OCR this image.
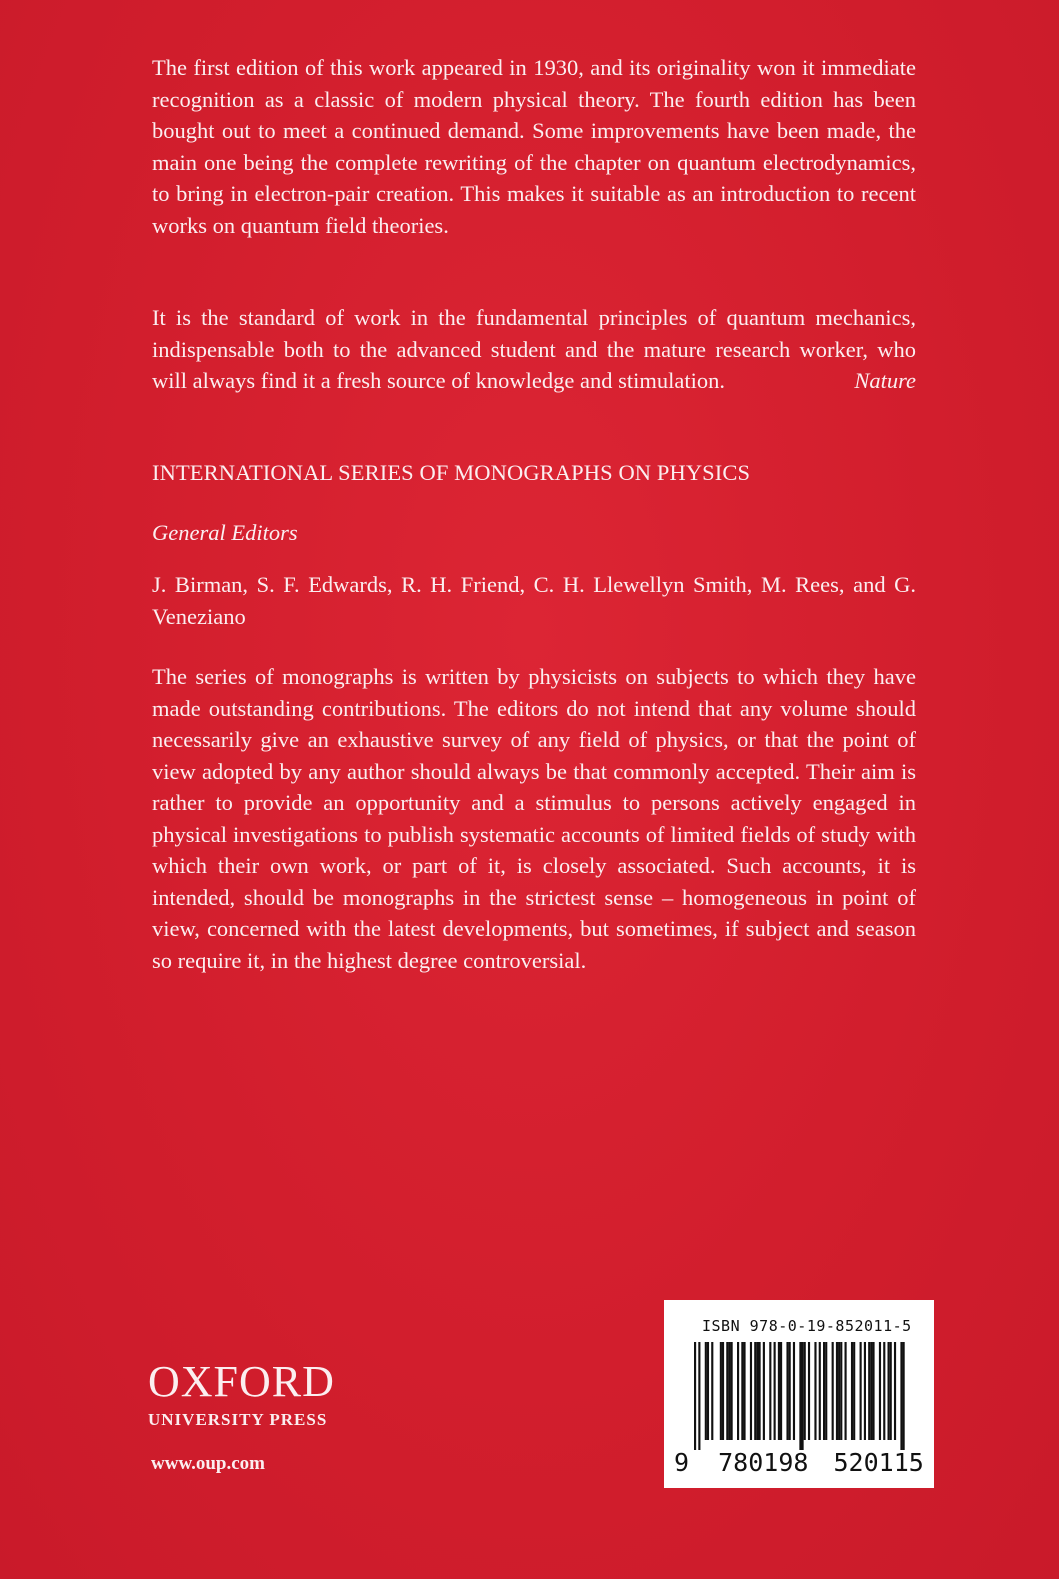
The first edition of this work appeared in 1930, and its originality won it immediate recognition as a classic of modern physical theory. The fourth edition has been bought out to meet a continued demand. Some improvements have been made, the main one being the complete rewriting of the chapter on quantum electrodynamics, to bring in electron-pair creation. This makes it suitable as an introduction to recent works on quantum field theories.

It is the standard of work in the fundamental principles of quantum mechanics, indispensable both to the advanced student and the mature research worker, who will always find it a fresh source of knowledge and stimulation.	Nature

INTERNATIONAL SERIES OF MONOGRAPHS ON PHYSICS

General Editors

J. Birman, S. F. Edwards, R. H. Friend, C. H. Llewellyn Smith, M. Rees, and G. Veneziano

The series of monographs is written by physicists on subjects to which they have made outstanding contributions. The editors do not intend that any volume should necessarily give an exhaustive survey of any field of physics, or that the point of view adopted by any author should always be that commonly accepted. Their aim is rather to provide an opportunity and a stimulus to persons actively engaged in physical investigations to publish systematic accounts of limited fields of study with which their own work, or part of it, is closely associated. Such accounts, it is intended, should be monographs in the strictest sense – homogeneous in point of view, concerned with the latest developments, but sometimes, if subject and season so require it, in the highest degree controversial.

OXFORD
UNIVERSITY PRESS
www.oup.com
ISBN 978-0-19-852011-5
9 780198 520115
